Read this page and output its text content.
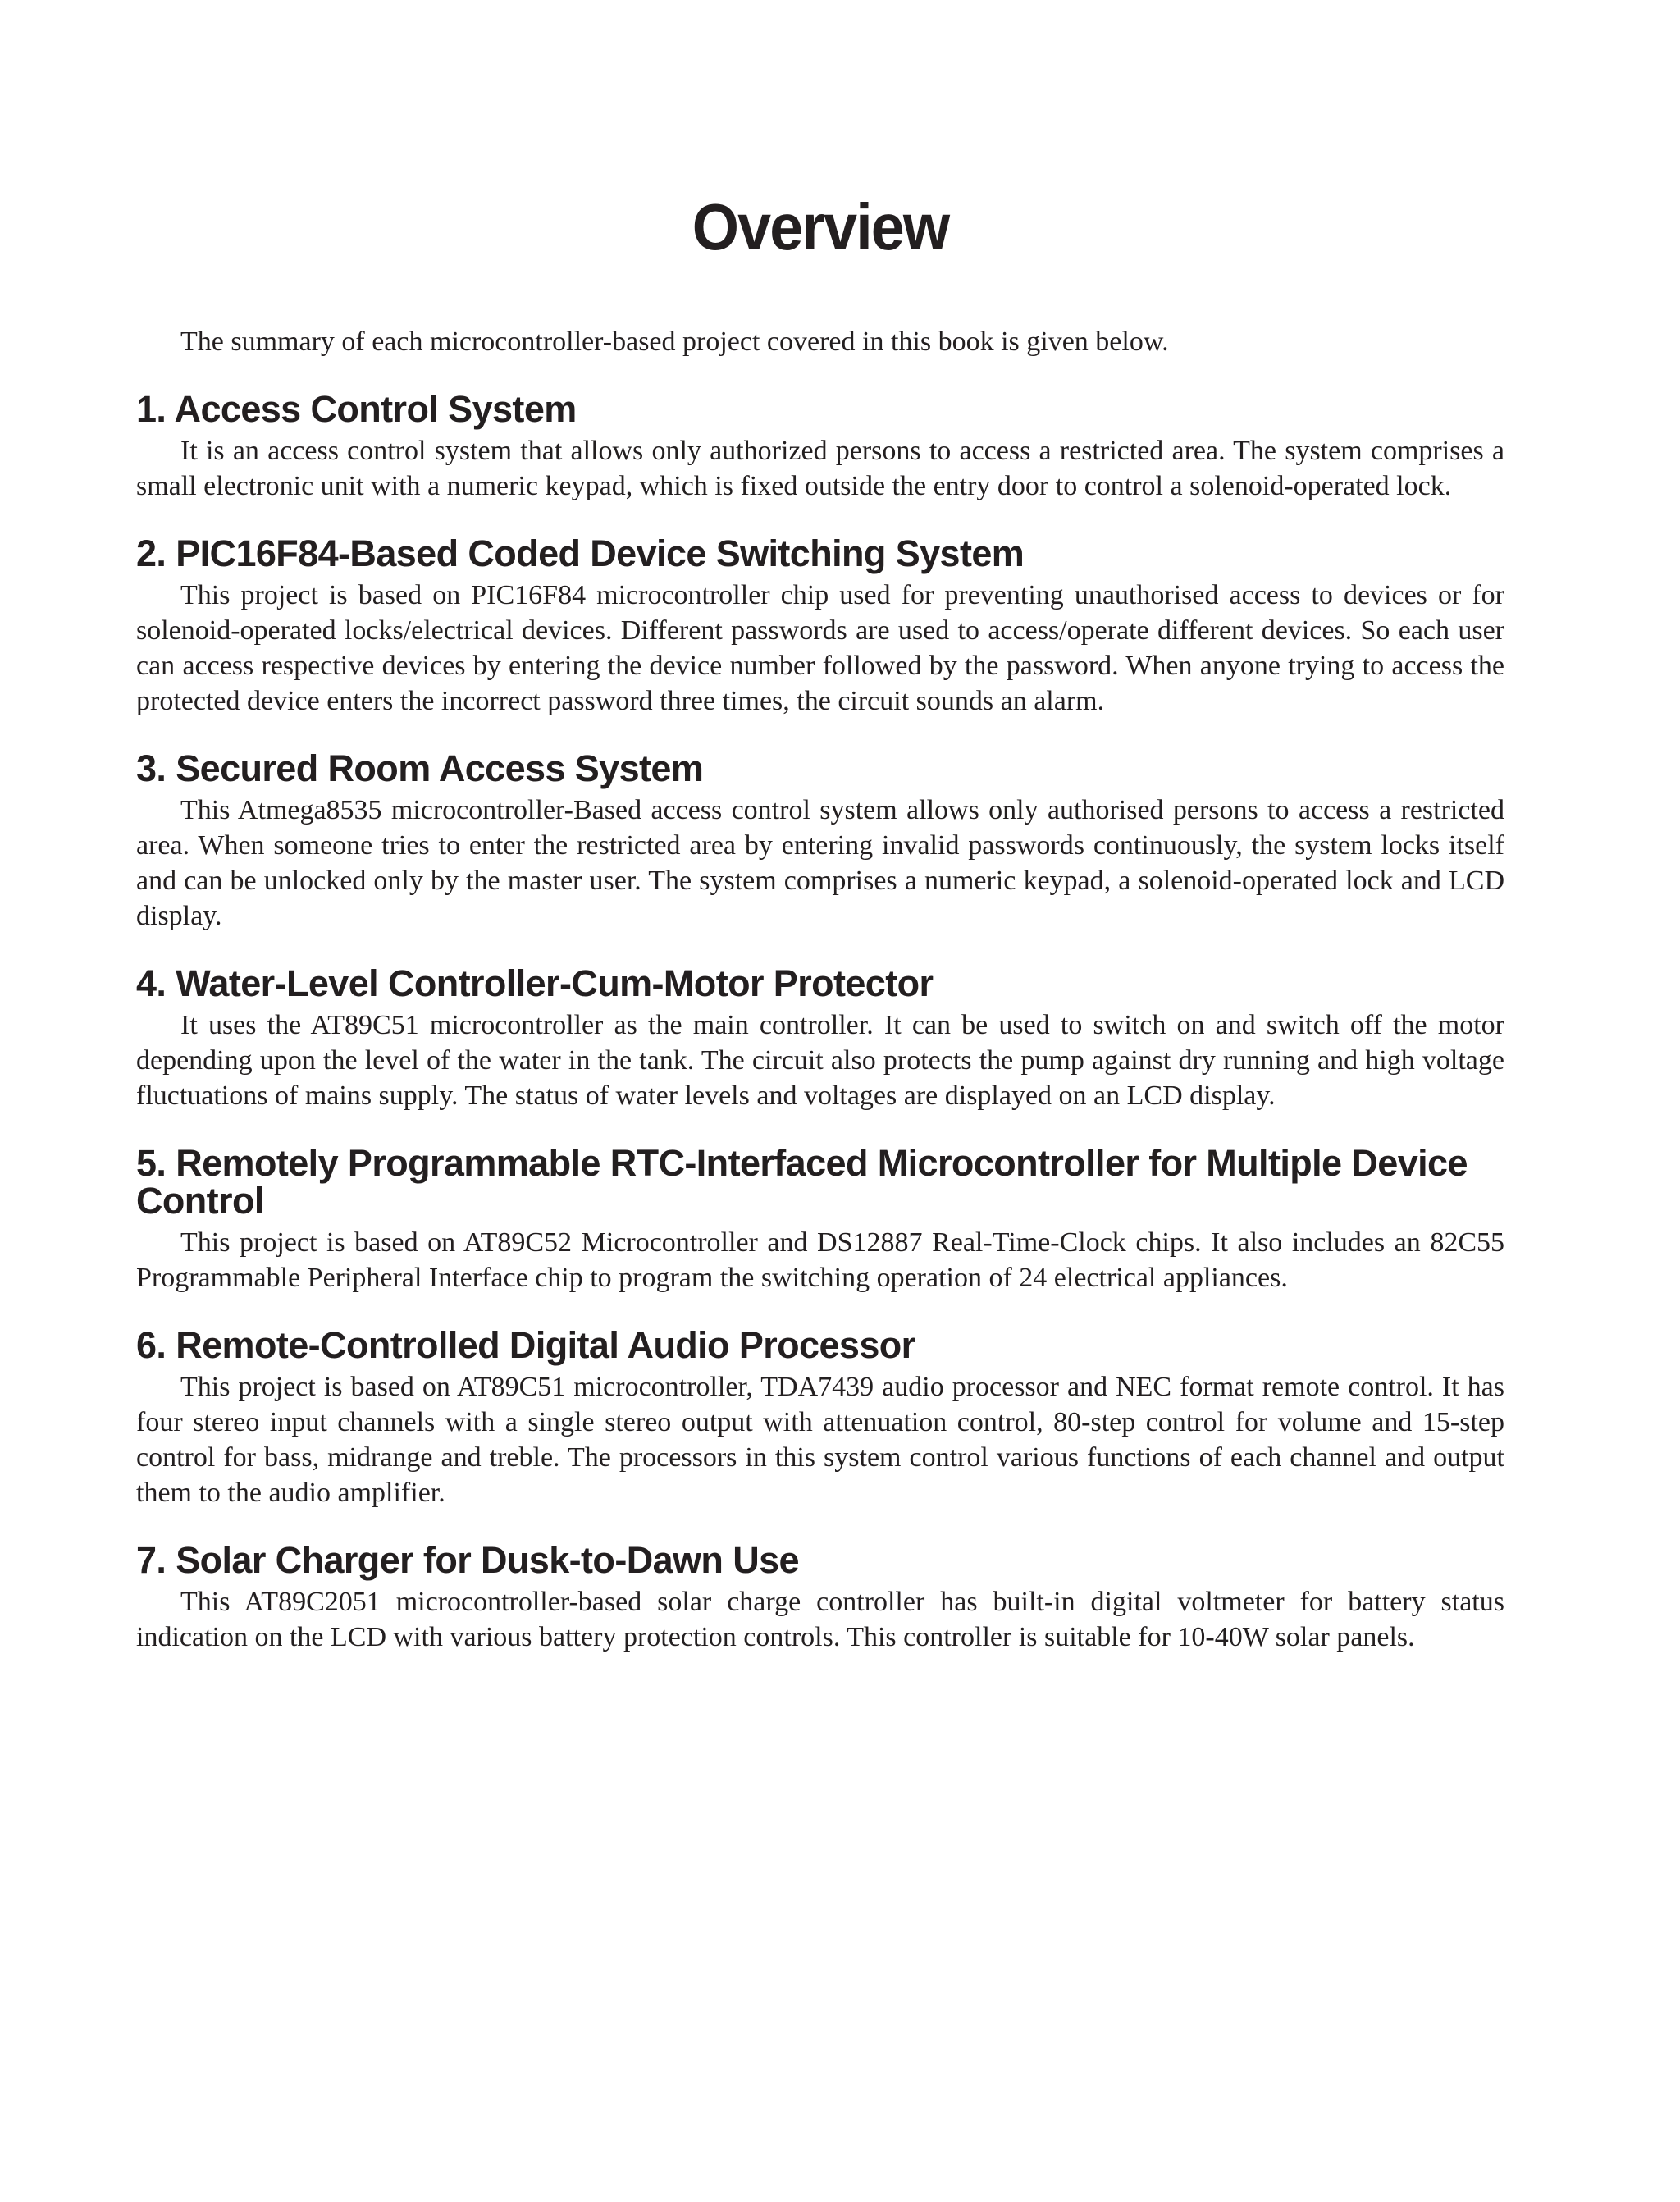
Overview

The summary of each microcontroller-based project covered in this book is given below.

1. Access Control System

It is an access control system that allows only authorized persons to access a restricted area. The system comprises a small electronic unit with a numeric keypad, which is fixed outside the entry door to control a solenoid-operated lock.

2. PIC16F84-Based Coded Device Switching System

This project is based on PIC16F84 microcontroller chip used for preventing unauthorised access to devices or for solenoid-operated locks/electrical devices. Different passwords are used to access/operate different devices. So each user can access respective devices by entering the device number followed by the password. When anyone trying to access the protected device enters the incorrect password three times, the circuit sounds an alarm.

3. Secured Room Access System

This Atmega8535 microcontroller-Based access control system allows only authorised persons to access a restricted area. When someone tries to enter the restricted area by entering invalid passwords continuously, the system locks itself and can be unlocked only by the master user. The system comprises a numeric keypad, a solenoid-operated lock and LCD display.

4. Water-Level Controller-Cum-Motor Protector

It uses the AT89C51 microcontroller as the main controller. It can be used to switch on and switch off the motor depending upon the level of the water in the tank. The circuit also protects the pump against dry running and high voltage fluctuations of mains supply. The status of water levels and voltages are displayed on an LCD display.

5. Remotely Programmable RTC-Interfaced Microcontroller for Multiple Device Control

This project is based on AT89C52 Microcontroller and DS12887 Real-Time-Clock chips. It also includes an 82C55 Programmable Peripheral Interface chip to program the switching operation of 24 electrical appliances.

6. Remote-Controlled Digital Audio Processor

This project is based on AT89C51 microcontroller, TDA7439 audio processor and NEC format remote control. It has four stereo input channels with a single stereo output with attenuation control, 80-step control for volume and 15-step control for bass, midrange and treble. The processors in this system control various functions of each channel and output them to the audio amplifier.

7. Solar Charger for Dusk-to-Dawn Use

This AT89C2051 microcontroller-based solar charge controller has built-in digital voltmeter for battery status indication on the LCD with various battery protection controls. This controller is suitable for 10-40W solar panels.
